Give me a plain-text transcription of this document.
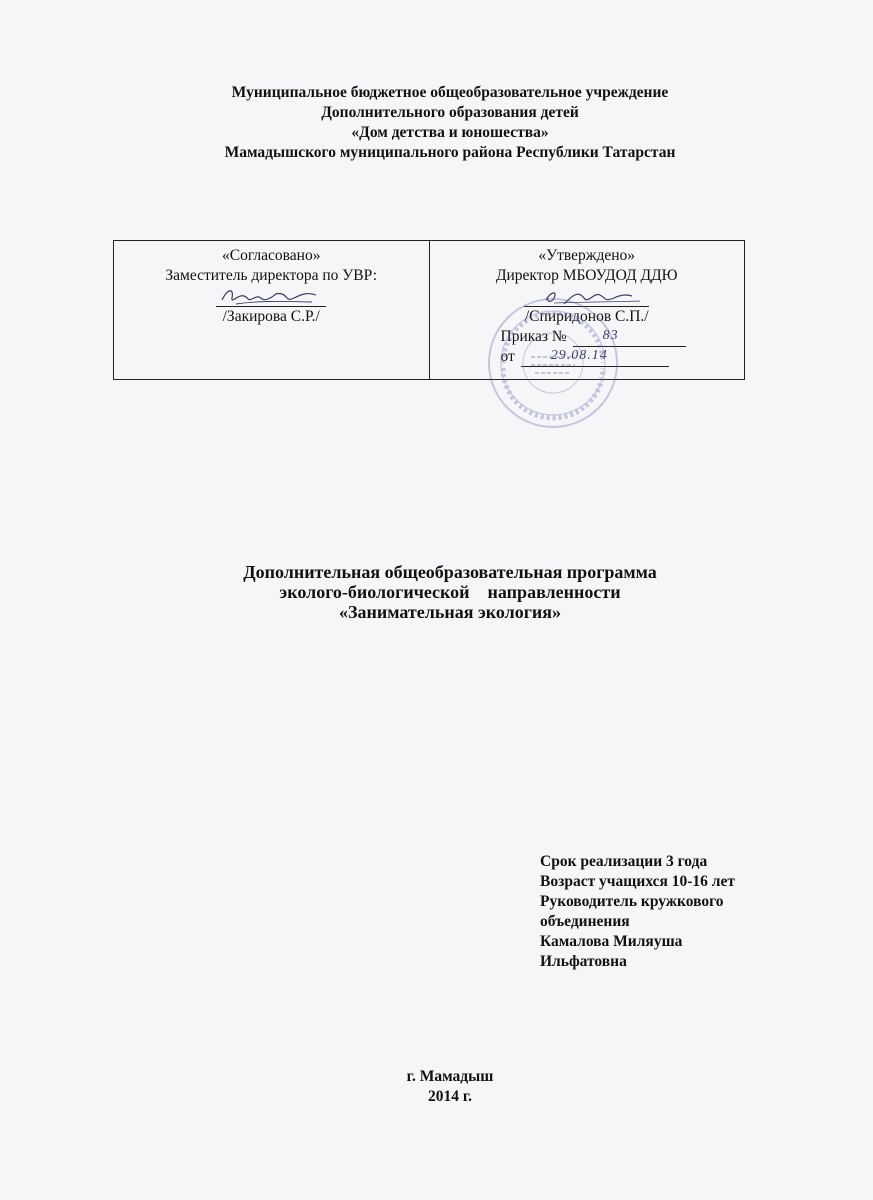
Муниципальное бюджетное общеобразовательное учреждение
Дополнительного образования детей
«Дом детства и юношества»
Мамадышского муниципального района Республики Татарстан
«Согласовано»
Заместитель директора по УВР:
/Закирова С.Р./

«Утверждено»
Директор МБОУДОД ДДЮ
/Спиридонов С.П./
Приказ №	83
от	29.08.14
Дополнительная общеобразовательная программа
эколого-биологической    направленности
«Занимательная экология»
Срок реализации 3 года
Возраст учащихся 10-16 лет
Руководитель кружкового
объединения
Камалова Миляуша
Ильфатовна
г. Мамадыш
2014 г.
